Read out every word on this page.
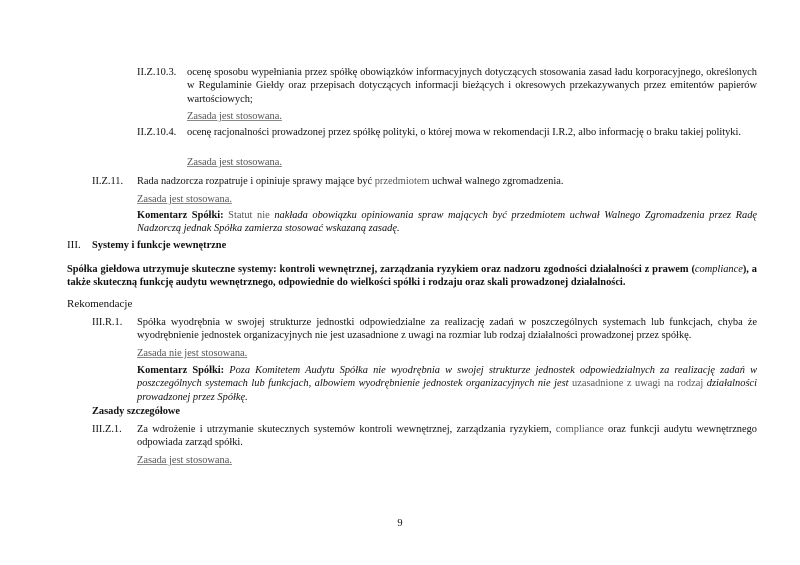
II.Z.10.3. ocenę sposobu wypełniania przez spółkę obowiązków informacyjnych dotyczących stosowania zasad ładu korporacyjnego, określonych w Regulaminie Giełdy oraz przepisach dotyczących informacji bieżących i okresowych przekazywanych przez emitentów papierów wartościowych;
Zasada jest stosowana.
II.Z.10.4. ocenę racjonalności prowadzonej przez spółkę polityki, o której mowa w rekomendacji I.R.2, albo informację o braku takiej polityki.
Zasada jest stosowana.
II.Z.11. Rada nadzorcza rozpatruje i opiniuje sprawy mające być przedmiotem uchwał walnego zgromadzenia.
Zasada jest stosowana.
Komentarz Spółki: Statut nie nakłada obowiązku opiniowania spraw mających być przedmiotem uchwał Walnego Zgromadzenia przez Radę Nadzorczą jednak Spółka zamierza stosować wskazaną zasadę.
III. Systemy i funkcje wewnętrzne
Spółka giełdowa utrzymuje skuteczne systemy: kontroli wewnętrznej, zarządzania ryzykiem oraz nadzoru zgodności działalności z prawem (compliance), a także skuteczną funkcję audytu wewnętrznego, odpowiednie do wielkości spółki i rodzaju oraz skali prowadzonej działalności.
Rekomendacje
III.R.1. Spółka wyodrębnia w swojej strukturze jednostki odpowiedzialne za realizację zadań w poszczególnych systemach lub funkcjach, chyba że wyodrębnienie jednostek organizacyjnych nie jest uzasadnione z uwagi na rozmiar lub rodzaj działalności prowadzonej przez spółkę.
Zasada nie jest stosowana.
Komentarz Spółki: Poza Komitetem Audytu Spółka nie wyodrębnia w swojej strukturze jednostek odpowiedzialnych za realizację zadań w poszczególnych systemach lub funkcjach, albowiem wyodrębnienie jednostek organizacyjnych nie jest uzasadnione z uwagi na rodzaj działalności prowadzonej przez Spółkę.
Zasady szczegółowe
III.Z.1. Za wdrożenie i utrzymanie skutecznych systemów kontroli wewnętrznej, zarządzania ryzykiem, compliance oraz funkcji audytu wewnętrznego odpowiada zarząd spółki.
Zasada jest stosowana.
9
